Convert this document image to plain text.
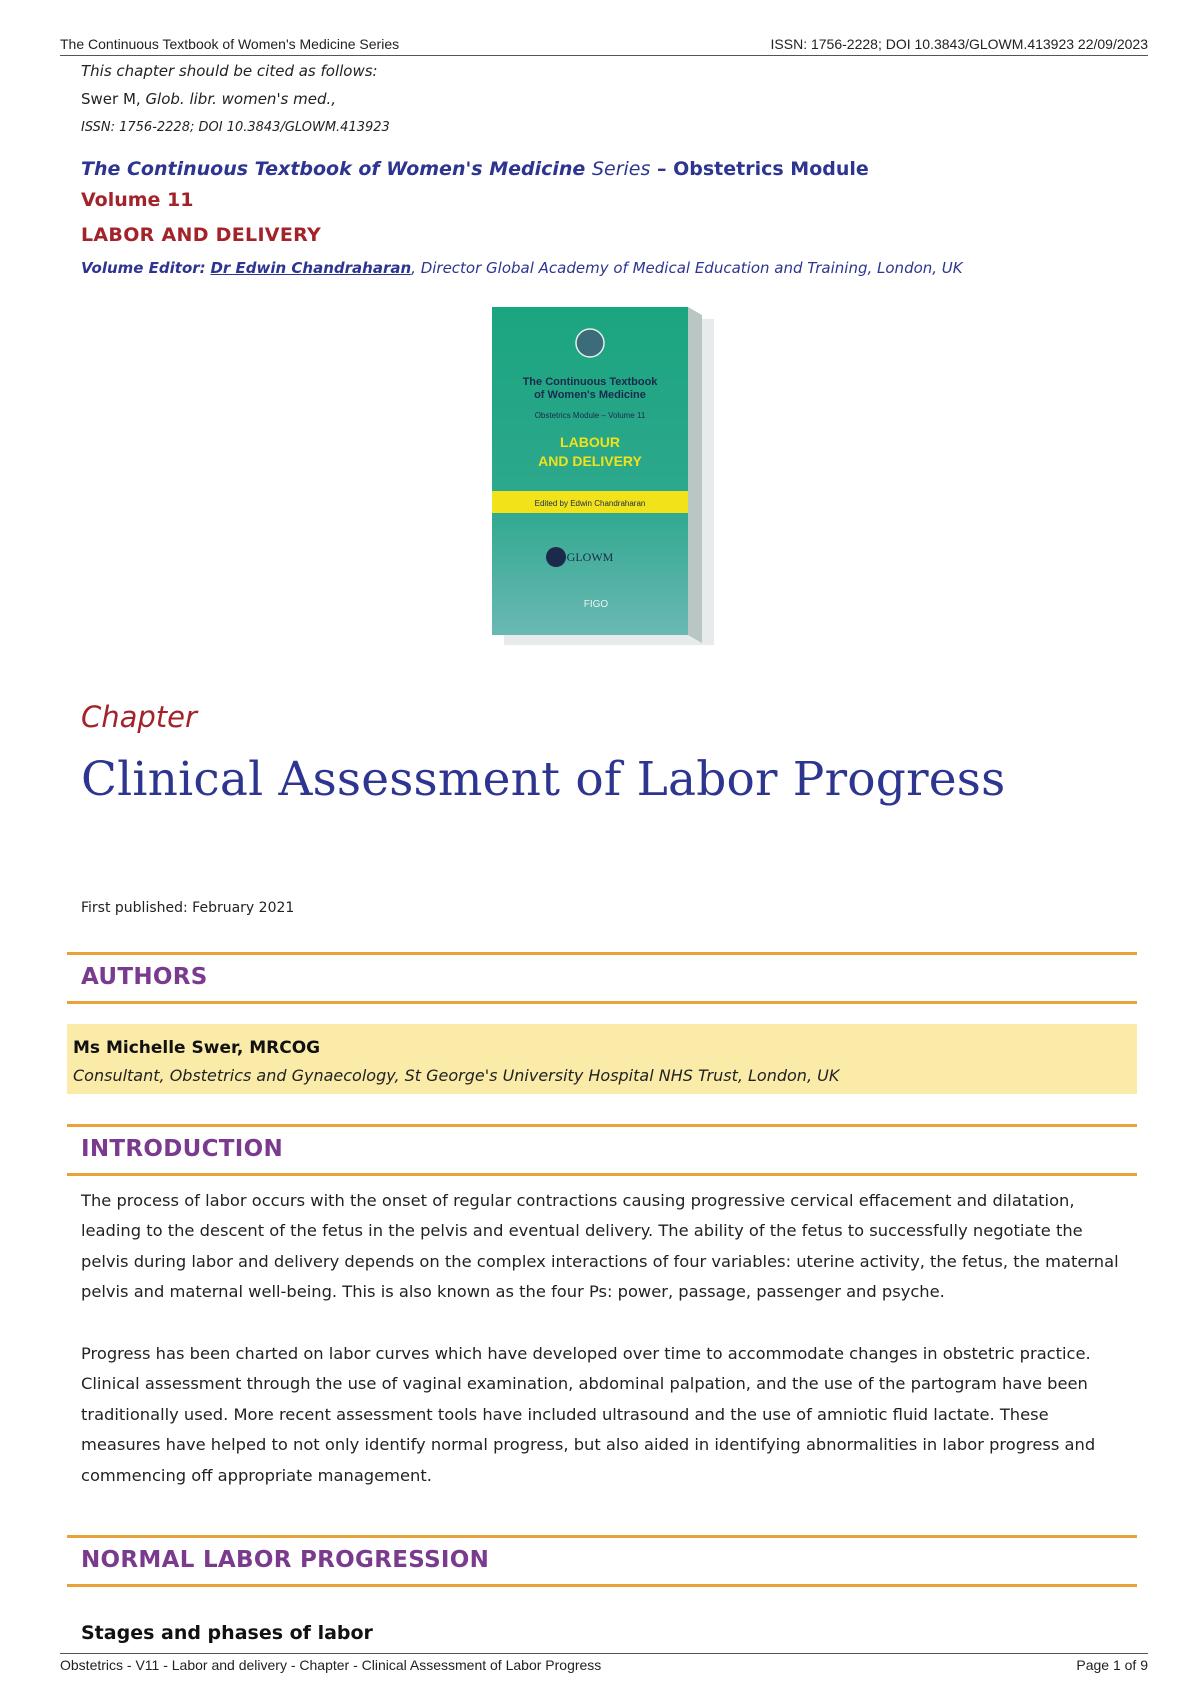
The Continuous Textbook of Women's Medicine Series	ISSN: 1756-2228; DOI 10.3843/GLOWM.413923 22/09/2023
This chapter should be cited as follows:
Swer M, Glob. libr. women's med.,
ISSN: 1756-2228; DOI 10.3843/GLOWM.413923
The Continuous Textbook of Women's Medicine Series – Obstetrics Module
Volume 11
LABOR AND DELIVERY
Volume Editor: Dr Edwin Chandraharan, Director Global Academy of Medical Education and Training, London, UK
The Continuous Textbook
of Women's Medicine
Obstetrics Module – Volume 11
LABOUR
AND DELIVERY
Edited by Edwin Chandraharan
GLOWM
FIGO
Chapter
Clinical Assessment of Labor Progress
First published: February 2021
AUTHORS
Ms Michelle Swer, MRCOG
Consultant, Obstetrics and Gynaecology, St George's University Hospital NHS Trust, London, UK
INTRODUCTION
The process of labor occurs with the onset of regular contractions causing progressive cervical effacement and dilatation, leading to the descent of the fetus in the pelvis and eventual delivery. The ability of the fetus to successfully negotiate the pelvis during labor and delivery depends on the complex interactions of four variables: uterine activity, the fetus, the maternal pelvis and maternal well-being. This is also known as the four Ps: power, passage, passenger and psyche.
Progress has been charted on labor curves which have developed over time to accommodate changes in obstetric practice. Clinical assessment through the use of vaginal examination, abdominal palpation, and the use of the partogram have been traditionally used. More recent assessment tools have included ultrasound and the use of amniotic fluid lactate. These measures have helped to not only identify normal progress, but also aided in identifying abnormalities in labor progress and commencing off appropriate management.
NORMAL LABOR PROGRESSION
Stages and phases of labor
Obstetrics - V11 - Labor and delivery - Chapter - Clinical Assessment of Labor Progress	Page 1 of 9
